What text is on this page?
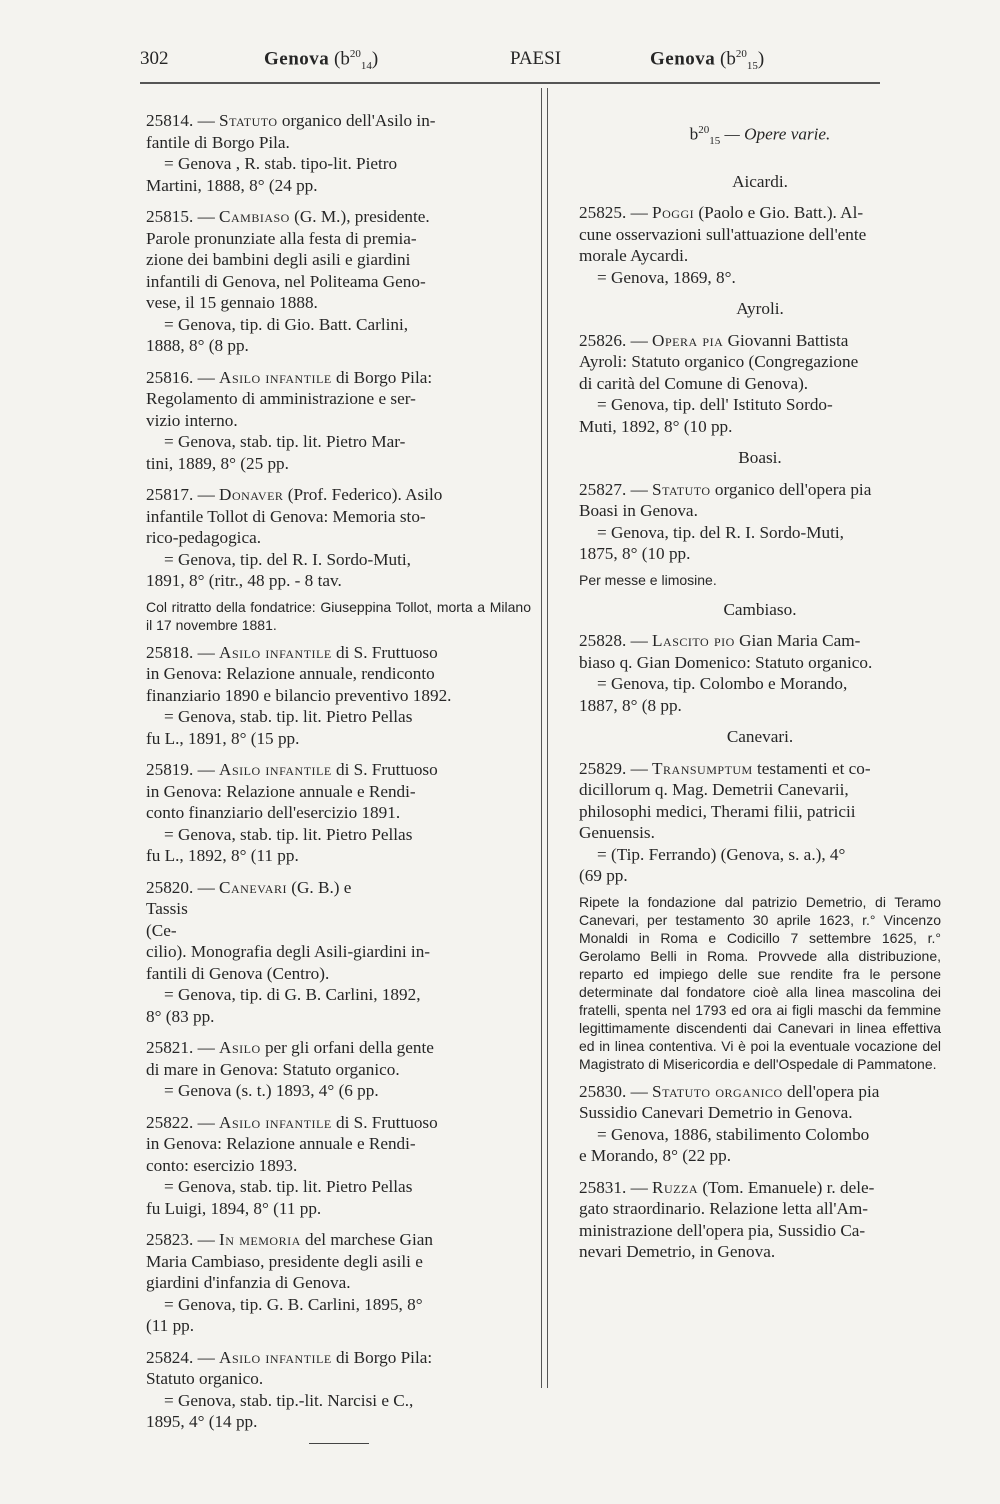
302	Genova $(b^{20}_{14})$	PAESI	Genova $(b^{20}_{15})$
25814. — Statuto organico dell'Asilo in-
fantile di Borgo Pila.
= Genova , R. stab. tipo-lit. Pietro
Martini, 1888, 8° (24 pp.
25815. — Cambiaso (G. M.), presidente.
Parole pronunziate alla festa di premia-
zione dei bambini degli asili e giardini
infantili di Genova, nel Politeama Geno-
vese, il 15 gennaio 1888.
= Genova, tip. di Gio. Batt. Carlini,
1888, 8° (8 pp.
25816. — Asilo infantile di Borgo Pila:
Regolamento di amministrazione e ser-
vizio interno.
= Genova, stab. tip. lit. Pietro Mar-
tini, 1889, 8° (25 pp.
25817. — Donaver (Prof. Federico). Asilo
infantile Tollot di Genova: Memoria sto-
rico-pedagogica.
= Genova, tip. del R. I. Sordo-Muti,
1891, 8° (ritr., 48 pp. - 8 tav.
Col ritratto della fondatrice: Giuseppina Tollot, morta a Milano il 17 novembre 1881.
25818. — Asilo infantile di S. Fruttuoso
in Genova: Relazione annuale, rendiconto
finanziario 1890 e bilancio preventivo 1892.
= Genova, stab. tip. lit. Pietro Pellas
fu L., 1891, 8° (15 pp.
25819. — Asilo infantile di S. Fruttuoso
in Genova: Relazione annuale e Rendi-
conto finanziario dell'esercizio 1891.
= Genova, stab. tip. lit. Pietro Pellas
fu L., 1892, 8° (11 pp.
25820. — Canevari (G. B.) e
Tassis
(Ce-
cilio). Monografia degli Asili-giardini in-
fantili di Genova (Centro).
= Genova, tip. di G. B. Carlini, 1892,
8° (83 pp.
25821. — Asilo per gli orfani della gente
di mare in Genova: Statuto organico.
= Genova (s. t.) 1893, 4° (6 pp.
25822. — Asilo infantile di S. Fruttuoso
in Genova: Relazione annuale e Rendi-
conto: esercizio 1893.
= Genova, stab. tip. lit. Pietro Pellas
fu Luigi, 1894, 8° (11 pp.
25823. — In memoria del marchese Gian
Maria Cambiaso, presidente degli asili e
giardini d'infanzia di Genova.
= Genova, tip. G. B. Carlini, 1895, 8°
(11 pp.
25824. — Asilo infantile di Borgo Pila:
Statuto organico.
= Genova, stab. tip.-lit. Narcisi e C.,
1895, 4° (14 pp.
$b^{20}_{15}$ — Opere varie.
Aicardi.
25825. — Poggi (Paolo e Gio. Batt.). Al-
cune osservazioni sull'attuazione dell'ente
morale Aycardi.
= Genova, 1869, 8°.
Ayroli.
25826. — Opera pia Giovanni Battista
Ayroli: Statuto organico (Congregazione
di carità del Comune di Genova).
= Genova, tip. dell' Istituto Sordo-
Muti, 1892, 8° (10 pp.
Boasi.
25827. — Statuto organico dell'opera pia
Boasi in Genova.
= Genova, tip. del R. I. Sordo-Muti,
1875, 8° (10 pp.
Per messe e limosine.
Cambiaso.
25828. — Lascito pio Gian Maria Cam-
biaso q. Gian Domenico: Statuto organico.
= Genova, tip. Colombo e Morando,
1887, 8° (8 pp.
Canevari.
25829. — Transumptum testamenti et co-
dicillorum q. Mag. Demetrii Canevarii,
philosophi medici, Therami filii, patricii
Genuensis.
= (Tip. Ferrando) (Genova, s. a.), 4°
(69 pp.
Ripete la fondazione dal patrizio Demetrio, di Teramo Canevari, per testamento 30 aprile 1623, r.° Vincenzo Monaldi in Roma e Codicillo 7 settembre 1625, r.° Gerolamo Belli in Roma. Provvede alla distribuzione, reparto ed impiego delle sue rendite fra le persone determinate dal fondatore cioè alla linea mascolina dei fratelli, spenta nel 1793 ed ora ai figli maschi da femmine legittimamente discendenti dai Canevari in linea effettiva ed in linea contentiva. Vi è poi la eventuale vocazione del Magistrato di Misericordia e dell'Ospedale di Pammatone.
25830. — Statuto organico dell'opera pia
Sussidio Canevari Demetrio in Genova.
= Genova, 1886, stabilimento Colombo
e Morando, 8° (22 pp.
25831. — Ruzza (Tom. Emanuele) r. dele-
gato straordinario. Relazione letta all'Am-
ministrazione dell'opera pia, Sussidio Ca-
nevari Demetrio, in Genova.
